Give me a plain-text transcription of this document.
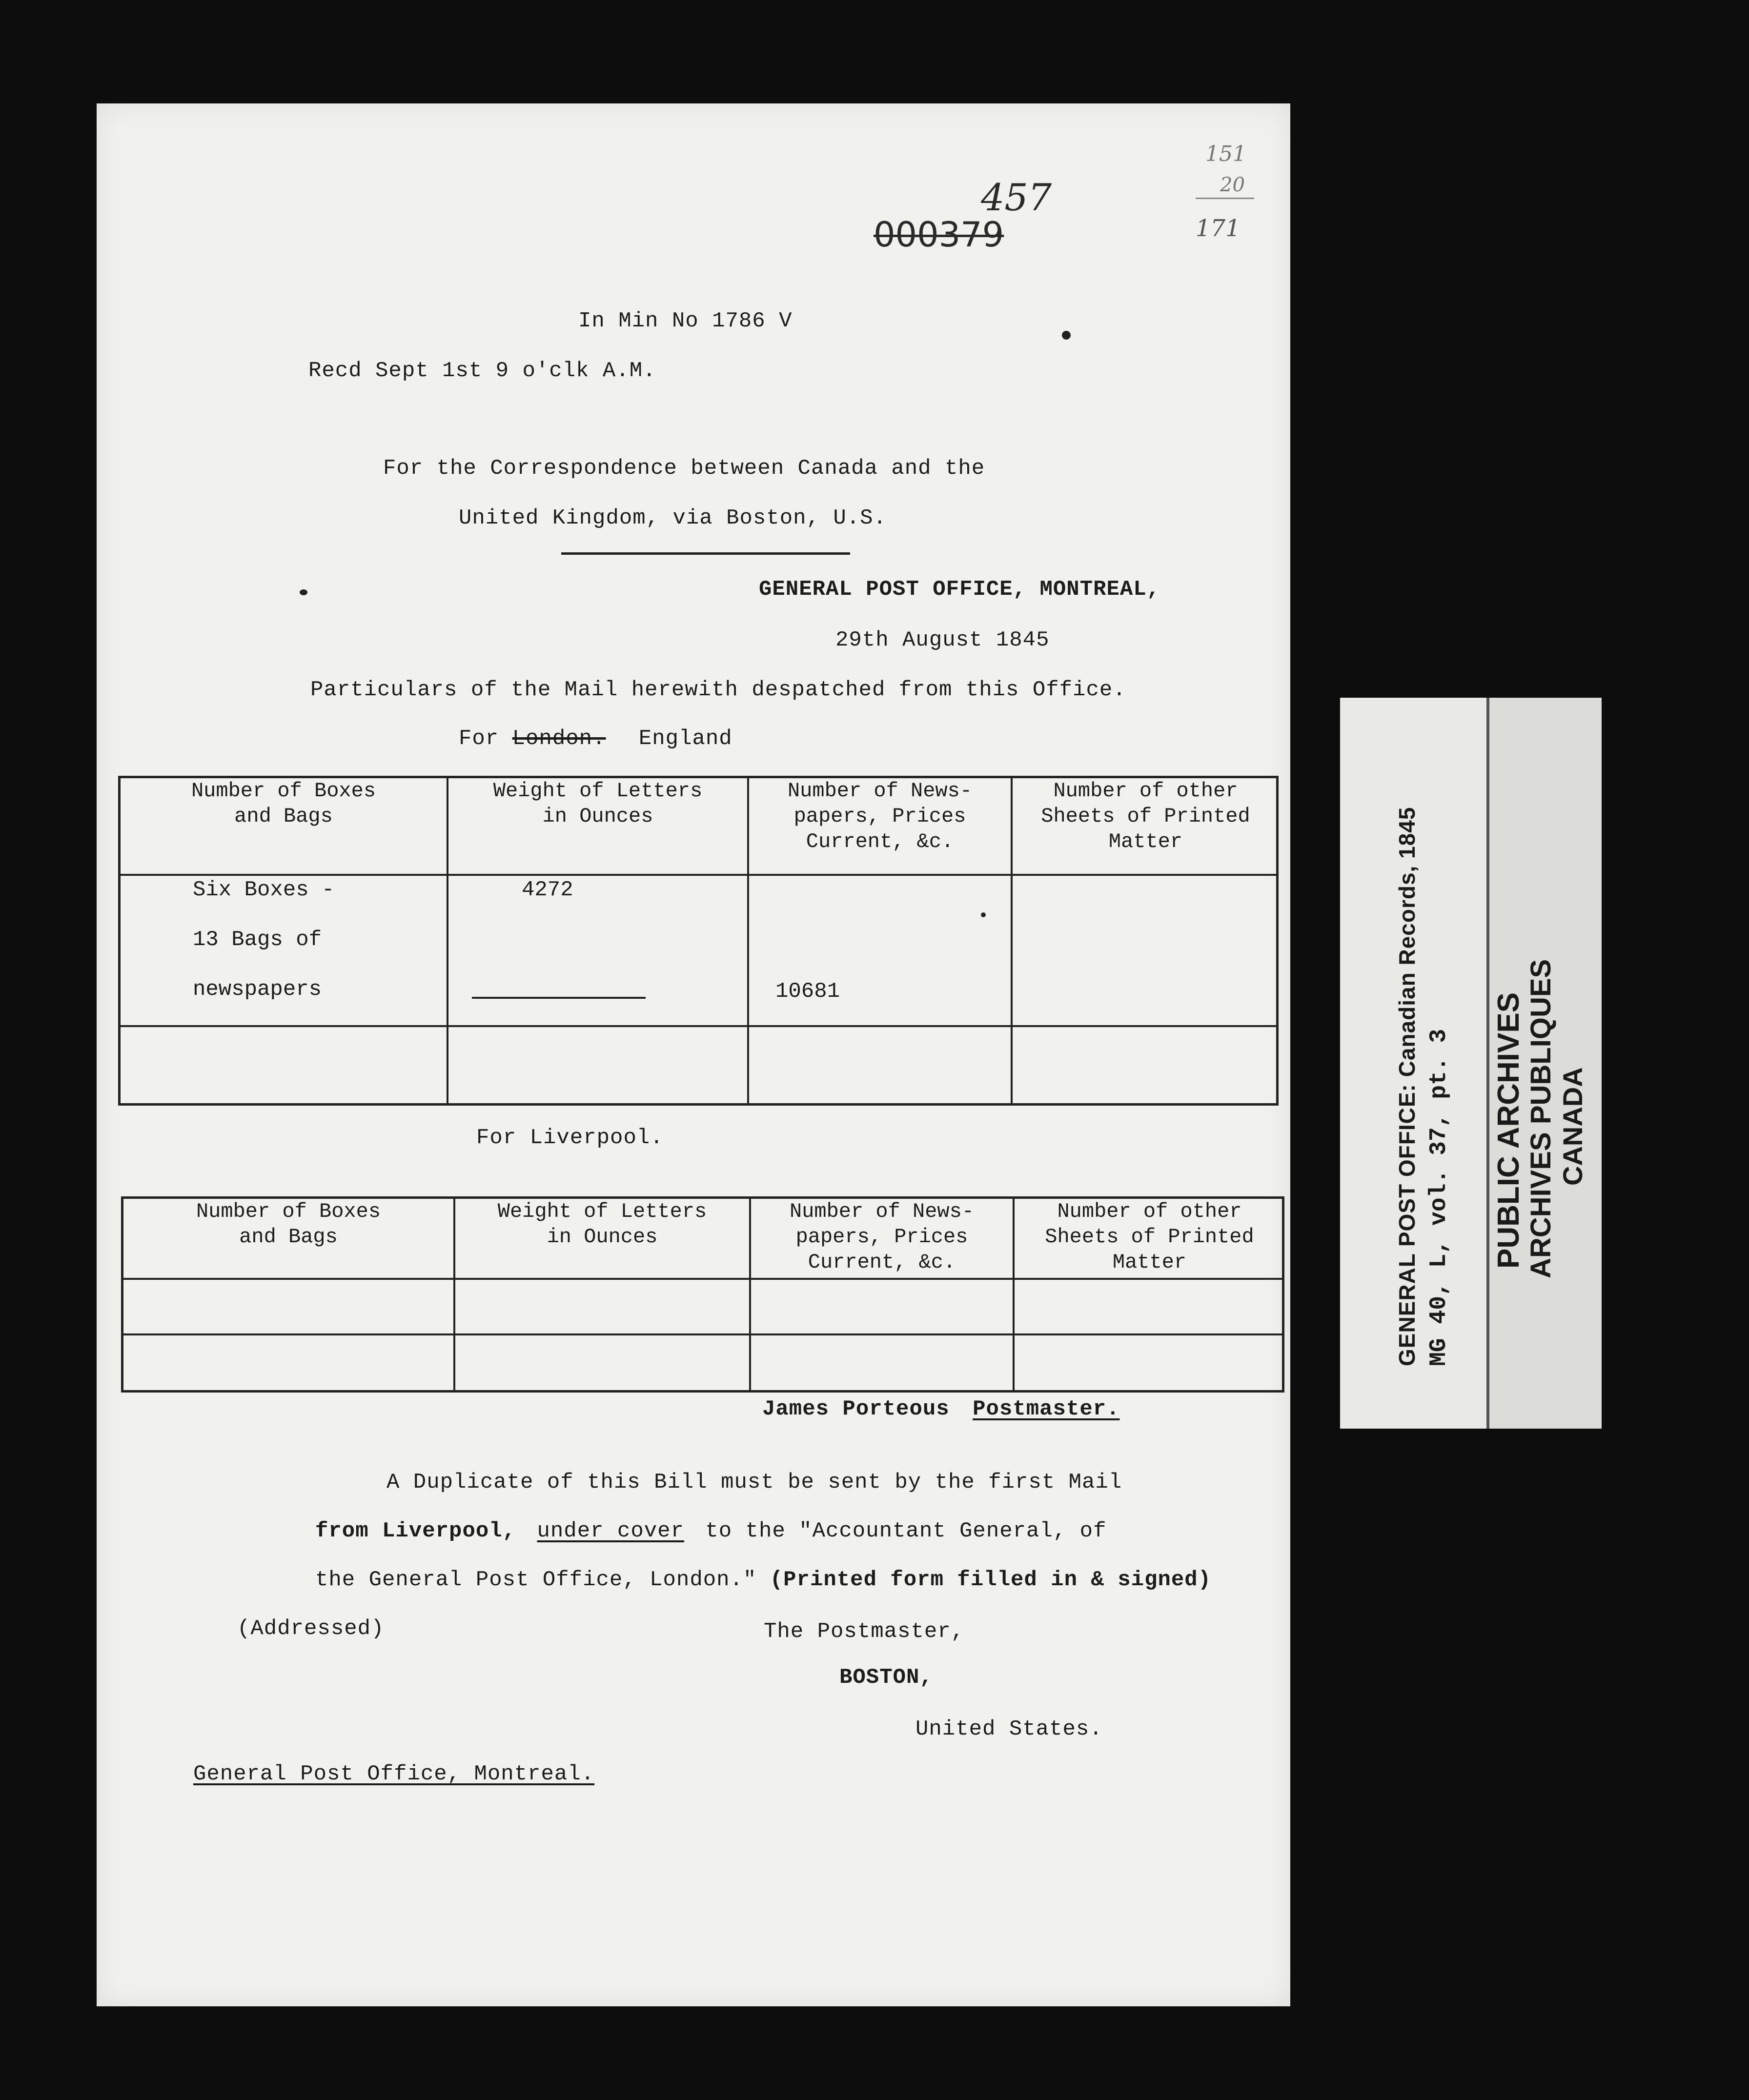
457
000379
151
20
171
In Min No 1786 V
Recd Sept 1st 9 o'clk A.M.
For the Correspondence between Canada and the
United Kingdom, via Boston, U.S.
GENERAL POST OFFICE, MONTREAL,
29th August 1845
Particulars of the Mail herewith despatched from this Office.
For London. England
Number of Boxes
and Bags
Weight of Letters
in Ounces
Number of News-
papers, Prices
Current, &c.
Number of other
Sheets of Printed
Matter
Six Boxes -
13 Bags of
newspapers
4272
10681
For Liverpool.
Number of Boxes
and Bags
Weight of Letters
in Ounces
Number of News-
papers, Prices
Current, &c.
Number of other
Sheets of Printed
Matter
James Porteous Postmaster.
A Duplicate of this Bill must be sent by the first Mail
from Liverpool, under cover to the "Accountant General, of
the General Post Office, London." (Printed form filled in & signed)
(Addressed)	The Postmaster,
BOSTON,
United States.
General Post Office, Montreal.
GENERAL POST OFFICE: Canadian Records, 1845 MG 40, L, vol. 37, pt. 3 PUBLIC ARCHIVES ARCHIVES PUBLIQUES CANADA
